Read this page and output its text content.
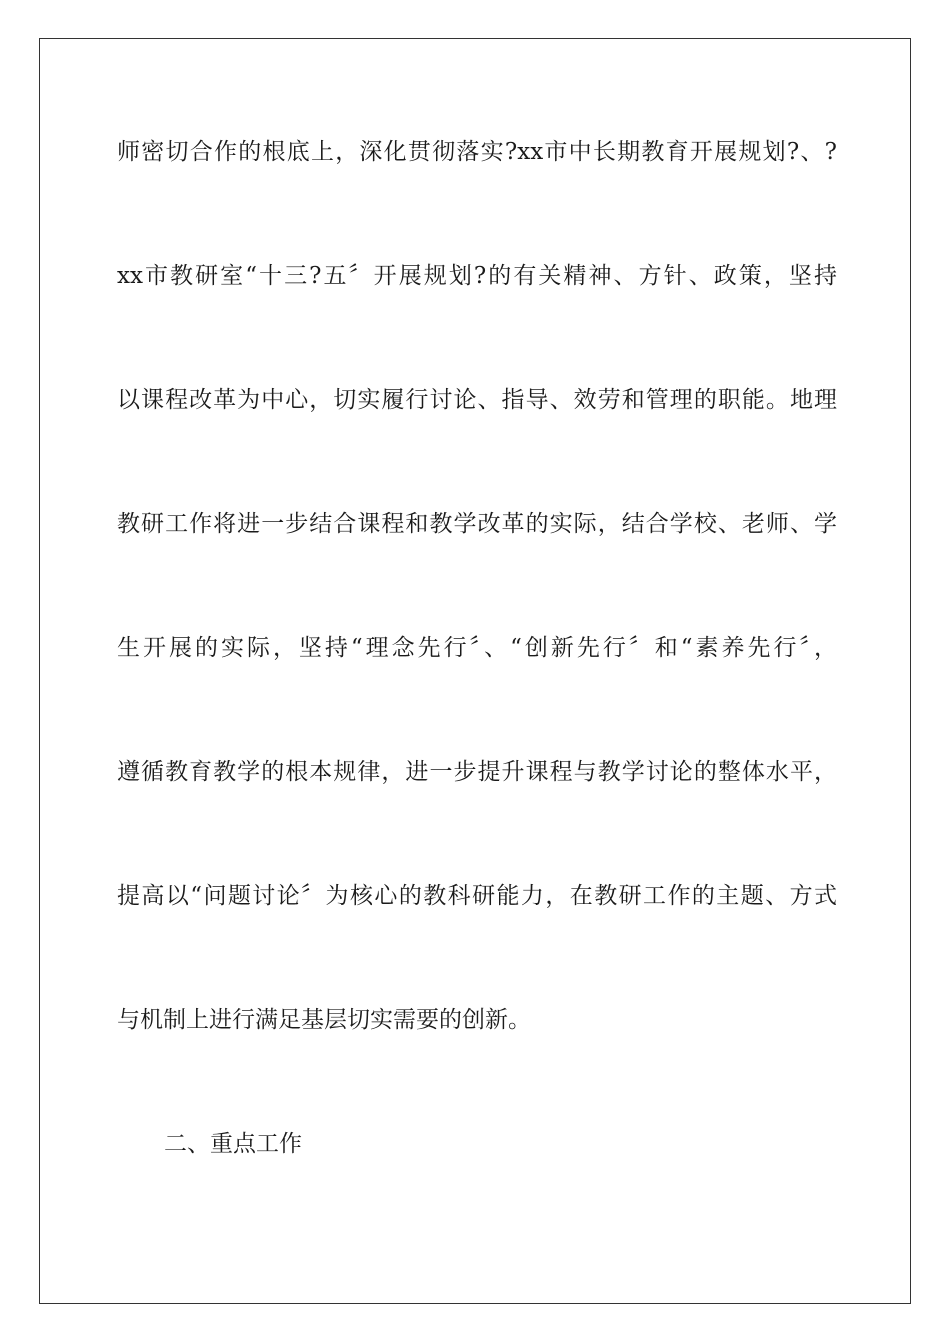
师密切合作的根底上，深化贯彻落实?xx市中长期教育开展规划?、?
xx市教研室“十三?五〞开展规划?的有关精神、方针、政策，坚持
以课程改革为中心，切实履行讨论、指导、效劳和管理的职能。地理
教研工作将进一步结合课程和教学改革的实际，结合学校、老师、学
生开展的实际，坚持“理念先行〞、“创新先行〞和“素养先行〞，
遵循教育教学的根本规律，进一步提升课程与教学讨论的整体水平，
提高以“问题讨论〞为核心的教科研能力，在教研工作的主题、方式
与机制上进行满足基层切实需要的创新。
二、重点工作
